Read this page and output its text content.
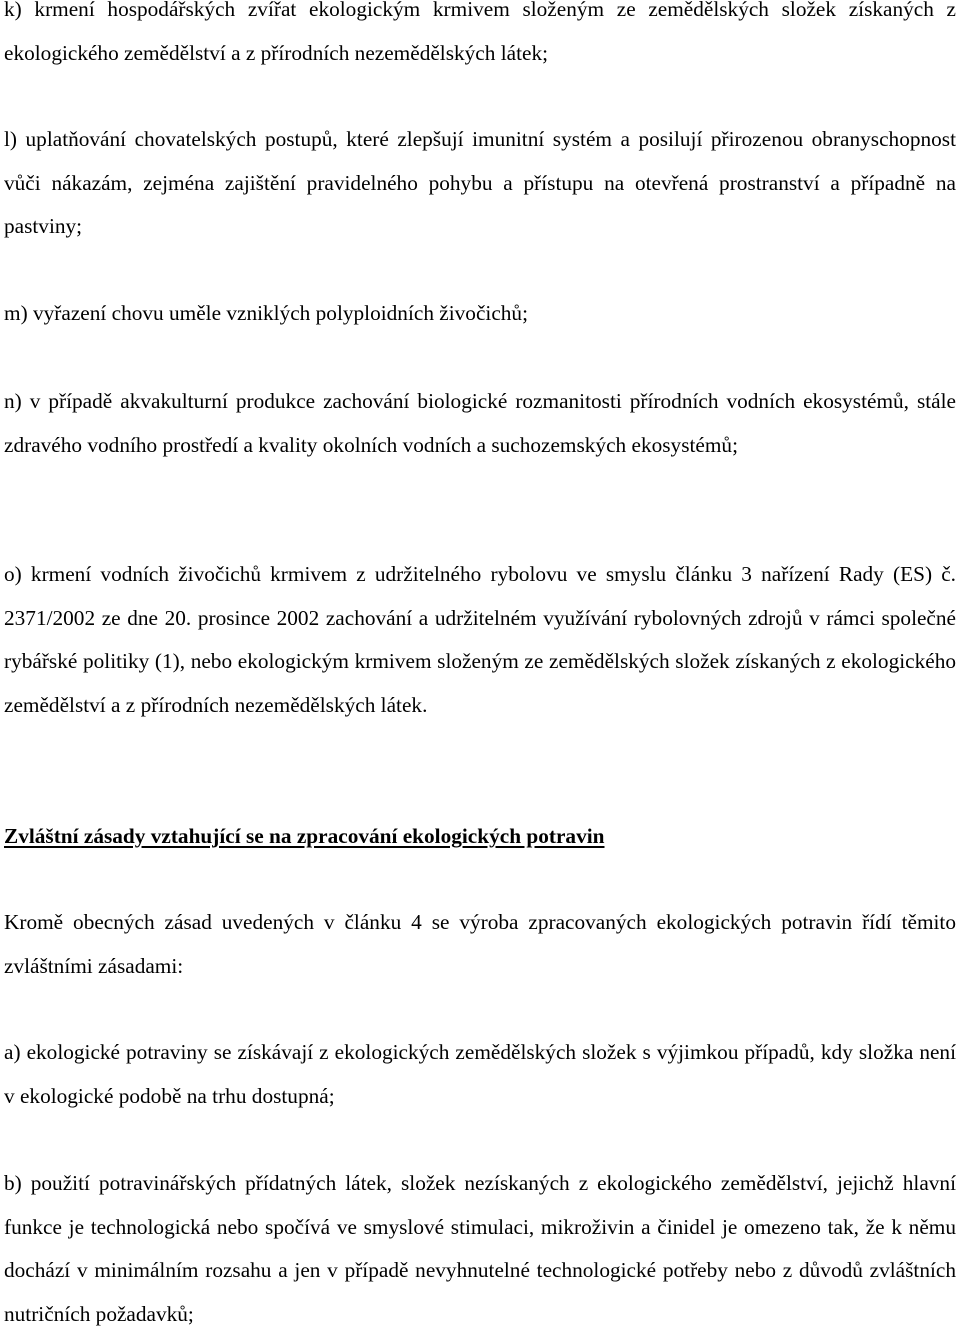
k) krmení hospodářských zvířat ekologickým krmivem složeným ze zemědělských složek získaných z ekologického zemědělství a z přírodních nezemědělských látek;

l) uplatňování chovatelských postupů, které zlepšují imunitní systém a posilují přirozenou obranyschopnost vůči nákazám, zejména zajištění pravidelného pohybu a přístupu na otevřená prostranství a případně na pastviny;

m) vyřazení chovu uměle vzniklých polyploidních živočichů;

n) v případě akvakulturní produkce zachování biologické rozmanitosti přírodních vodních ekosystémů, stále zdravého vodního prostředí a kvality okolních vodních a suchozemských ekosystémů;

o) krmení vodních živočichů krmivem z udržitelného rybolovu ve smyslu článku 3 nařízení Rady (ES) č. 2371/2002 ze dne 20. prosince 2002 zachování a udržitelném využívání rybolovných zdrojů v rámci společné rybářské politiky (1), nebo ekologickým krmivem složeným ze zemědělských složek získaných z ekologického zemědělství a z přírodních nezemědělských látek.

Zvláštní zásady vztahující se na zpracování ekologických potravin

Kromě obecných zásad uvedených v článku 4 se výroba zpracovaných ekologických potravin řídí těmito zvláštními zásadami:

a) ekologické potraviny se získávají z ekologických zemědělských složek s výjimkou případů, kdy složka není v ekologické podobě na trhu dostupná;

b) použití potravinářských přídatných látek, složek nezískaných z ekologického zemědělství, jejichž hlavní funkce je technologická nebo spočívá ve smyslové stimulaci, mikroživin a činidel je omezeno tak, že k němu dochází v minimálním rozsahu a jen v případě nevyhnutelné technologické potřeby nebo z důvodů zvláštních nutričních požadavků;
